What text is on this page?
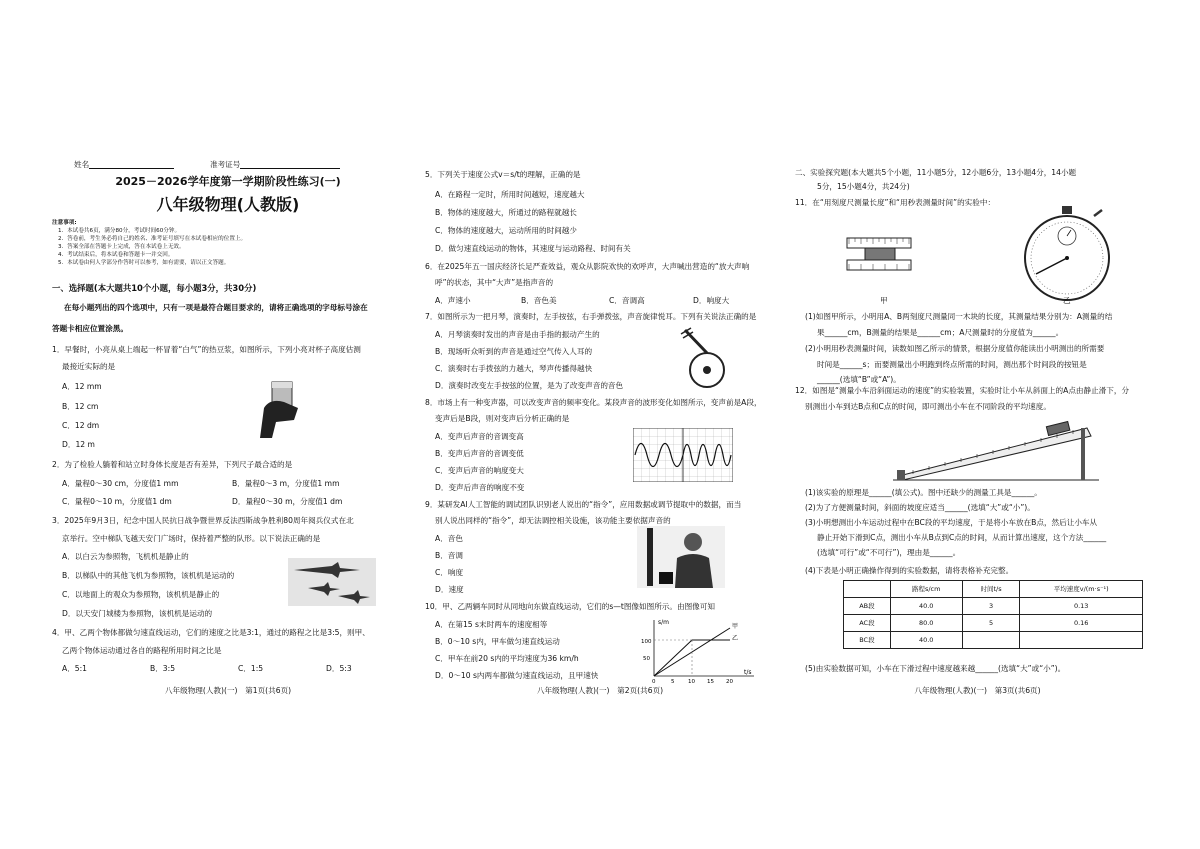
姓名	准考证号
2025－2026学年度第一学期阶段性练习(一)
八年级物理(人教版)
注意事项:
1．本试卷共6页，满分80分，考试时间60分钟。
2．答卷前，考生务必将自己的姓名、准考证号填写在本试卷相应的位置上。
3．答案全部在答题卡上完成，答在本试卷上无效。
4．考试结束后，将本试卷和答题卡一并交回。
5．本试卷由何人学部分作答时可以参考，如有需要，请以正文答题。
一、选择题(本大题共10个小题，每小题3分，共30分)
在每小题列出的四个选项中，只有一项是最符合题目要求的，请将正确选项的字母标号涂在
答题卡相应位置涂黑。
1．早餐时，小亮从桌上端起一杯冒着“白气”的热豆浆，如图所示，下列小亮对杯子高度估测
最接近实际的是
A．12 mm
B．12 cm
C．12 dm
D．12 m
2．为了检验人躺着和站立时身体长度是否有差异，下列尺子最合适的是
A．量程0～30 cm，分度值1 mm	B．量程0～3 m，分度值1 mm
C．量程0～10 m，分度值1 dm	D．量程0～30 m，分度值1 dm
3．2025年9月3日，纪念中国人民抗日战争暨世界反法西斯战争胜利80周年阅兵仪式在北
京举行。空中梯队飞越天安门广场时，保持着严整的队形。以下说法正确的是
A．以白云为参照物，飞机机是静止的
B．以梯队中的其他飞机为参照物，该机机是运动的
C．以地面上的观众为参照物，该机机是静止的
D．以天安门城楼为参照物，该机机是运动的
4．甲、乙两个物体都做匀速直线运动，它们的速度之比是3:1，通过的路程之比是3:5，则甲、
乙两个物体运动通过各自的路程所用时间之比是
A．5:1	B．3:5	C．1:5	D．5:3
八年级物理(人教)(一)　第1页(共6页)
5．下列关于速度公式v＝s/t的理解，正确的是
A．在路程一定时，所用时间越短，速度越大
B．物体的速度越大，所通过的路程就越长
C．物体的速度越大，运动所用的时间越少
D．做匀速直线运动的物体，其速度与运动路程、时间有关
6．在2025年五一国庆经济长足严查效益，观众从影院欢快的欢呼声，大声喊出营造的“放大声响
呼”的状态，其中“大声”是指声音的
A．声速小	B．音色美	C．音调高	D．响度大
7．如图所示为一把月琴，演奏时，左手按弦，右手弹拨弦，声音旋律悦耳。下列有关说法正确的是
A．月琴演奏时发出的声音是由手指的振动产生的
B．现场听众听到的声音是通过空气传入人耳的
C．演奏时右手拨弦的力越大，琴声传播得越快
D．演奏时改变左手按弦的位置，是为了改变声音的音色
8．市场上有一种变声器，可以改变声音的频率变化。某段声音的波形变化如图所示，变声前是A段，
变声后是B段，则对变声后分析正确的是
A．变声后声音的音调变高
B．变声后声音的音调变低
C．变声后声音的响度变大
D．变声后声音的响度不变
9．某研发AI人工智能的调试团队识别老人说出的“指令”，应用数据或调节提取中的数据，而当
别人说出同样的“指令”，却无法调控相关设施，该功能主要依据声音的
A．音色
B．音调
C．响度
D．速度
10．甲、乙两辆车同时从同地向东做直线运动，它们的s—t图像如图所示。由图像可知
A．在第15 s末时两车的速度相等
B．0～10 s内，甲车做匀速直线运动
C．甲车在前20 s内的平均速度为36 km/h
D．0～10 s内两车都做匀速直线运动，且甲速快
s/m
t/s
50
100
0	5 10 15 20
甲
乙
八年级物理(人教)(一)　第2页(共6页)
二、实验探究题(本大题共5个小题，11小题5分，12小题6分，13小题4分，14小题
5分，15小题4分，共24分)
11．在“用刻度尺测量长度”和“用秒表测量时间”的实验中：
甲	乙
(1)如图甲所示，小明用A、B两刻度尺测量同一木块的长度，其测量结果分别为：A测量的结
果______cm，B测量的结果是______cm；A尺测量时的分度值为______。
(2)小明用秒表测量时间，读数如图乙所示的情景，根据分度值你能读出小明测出的所需要
时间是______s；而要测量出小明跑到终点所需的时间，测出那个时间段的按钮是
______(选填“B”或“A”)。
12．如图是“测量小车沿斜面运动的速度”的实验装置，实验时让小车从斜面上的A点由静止滑下，分
别测出小车到达B点和C点的时间，即可测出小车在不同阶段的平均速度。
(1)该实验的原理是______(填公式)。图中还缺少的测量工具是______。
(2)为了方便测量时间，斜面的坡度应适当______(选填“大”或“小”)。
(3)小明想测出小车运动过程中在BC段的平均速度，于是将小车放在B点，然后让小车从
静止开始下滑到C点，测出小车从B点到C点的时间，从而计算出速度，这个方法______
(选填“可行”或“不可行”)，理由是______。
(4)下表是小明正确操作得到的实验数据，请将表格补充完整。
	路程s/cm	时间t/s	平均速度v/(m·s⁻¹)
AB段	40.0	3	0.13
AC段	80.0	5	0.16
BC段	40.0		
(5)由实验数据可知，小车在下滑过程中速度越来越______(选填“大”或“小”)。
八年级物理(人教)(一)　第3页(共6页)
